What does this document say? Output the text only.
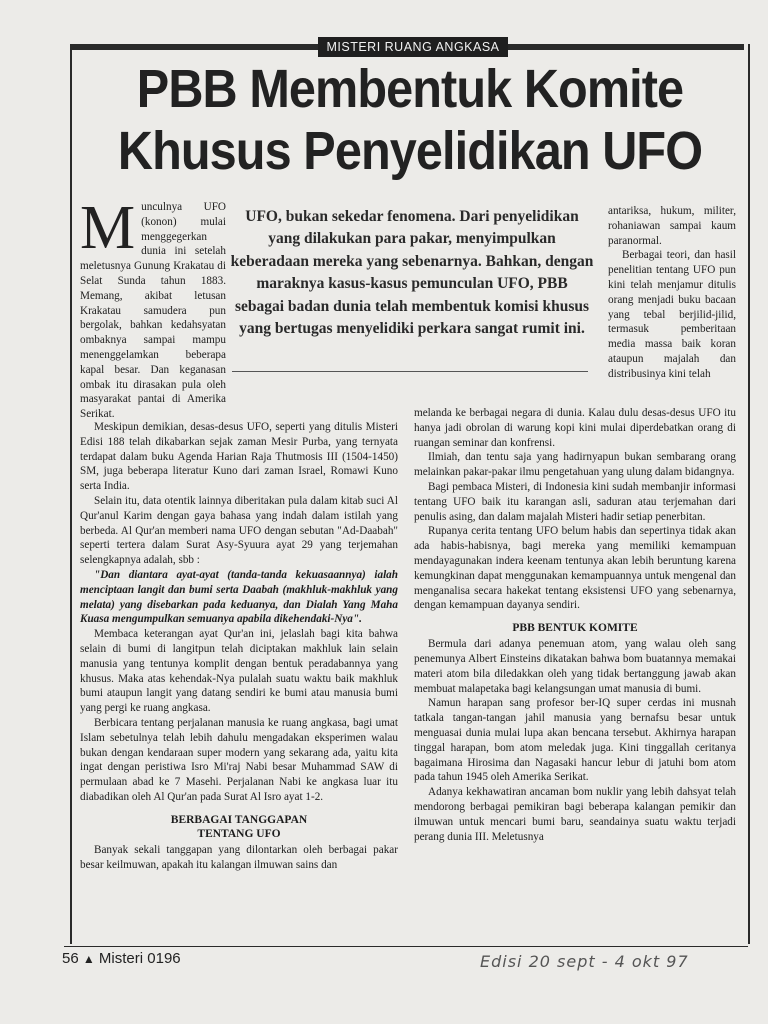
MISTERI RUANG ANGKASA
PBB Membentuk Komite
Khusus Penyelidikan UFO
M unculnya UFO (konon) mulai menggegerkan dunia ini setelah meletusnya Gunung Krakatau di Selat Sunda tahun 1883. Memang, akibat letusan Krakatau samudera pun bergolak, bahkan kedahsyatan ombaknya sampai mampu menenggelamkan beberapa kapal besar. Dan keganasan ombak itu dirasakan pula oleh masyarakat pantai di Amerika Serikat.
UFO, bukan sekedar fenomena. Dari penyelidikan yang dilakukan para pakar, menyimpulkan keberadaan mereka yang sebenarnya. Bahkan, dengan maraknya kasus-kasus pemunculan UFO, PBB sebagai badan dunia telah membentuk komisi khusus yang bertugas menyelidiki perkara sangat rumit ini.

antariksa, hukum, militer, rohaniawan sampai kaum paranormal.

Berbagai teori, dan hasil penelitian tentang UFO pun kini telah menjamur ditulis orang menjadi buku bacaan yang tebal berjilid-jilid, termasuk pemberitaan media massa baik koran ataupun majalah dan distribusinya kini telah

Meskipun demikian, desas-desus UFO, seperti yang ditulis Misteri Edisi 188 telah dikabarkan sejak zaman Mesir Purba, yang ternyata terdapat dalam buku Agenda Harian Raja Thutmosis III (1504-1450) SM, juga beberapa literatur Kuno dari zaman Israel, Romawi Kuno serta India.

Selain itu, data otentik lainnya diberitakan pula dalam kitab suci Al Qur'anul Karim dengan gaya bahasa yang indah dalam istilah yang berbeda. Al Qur'an memberi nama UFO dengan sebutan "Ad-Daabah" seperti tertera dalam Surat Asy-Syuura ayat 29 yang terjemahan selengkapnya adalah, sbb :

"Dan diantara ayat-ayat (tanda-tanda kekuasaannya) ialah menciptaan langit dan bumi serta Daabah (makhluk-makhluk yang melata) yang disebarkan pada keduanya, dan Dialah Yang Maha Kuasa mengumpulkan semuanya apabila dikehendaki-Nya".

Membaca keterangan ayat Qur'an ini, jelaslah bagi kita bahwa selain di bumi di langitpun telah diciptakan makhluk lain selain manusia yang tentunya komplit dengan bentuk peradabannya yang khusus. Maka atas kehendak-Nya pulalah suatu waktu baik makhluk bumi ataupun langit yang datang sendiri ke bumi atau manusia bumi yang pergi ke ruang angkasa.

Berbicara tentang perjalanan manusia ke ruang angkasa, bagi umat Islam sebetulnya telah lebih dahulu mengadakan eksperimen walau bukan dengan kendaraan super modern yang sekarang ada, yaitu kita ingat dengan peristiwa Isro Mi'raj Nabi besar Muhammad SAW di permulaan abad ke 7 Masehi. Perjalanan Nabi ke angkasa luar itu diabadikan oleh Al Qur'an pada Surat Al Isro ayat 1-2.

BERBAGAI TANGGAPAN
TENTANG UFO

Banyak sekali tanggapan yang dilontarkan oleh berbagai pakar besar keilmuwan, apakah itu kalangan ilmuwan sains dan

melanda ke berbagai negara di dunia. Kalau dulu desas-desus UFO itu hanya jadi obrolan di warung kopi kini mulai diperdebatkan orang di ruangan seminar dan konfrensi.

Ilmiah, dan tentu saja yang hadirnyapun bukan sembarang orang melainkan pakar-pakar ilmu pengetahuan yang ulung dalam bidangnya.

Bagi pembaca Misteri, di Indonesia kini sudah membanjir informasi tentang UFO baik itu karangan asli, saduran atau terjemahan dari penulis asing, dan dalam majalah Misteri hadir setiap penerbitan.

Rupanya cerita tentang UFO belum habis dan sepertinya tidak akan ada habis-habisnya, bagi mereka yang memiliki kemampuan mendayagunakan indera keenam tentunya akan lebih beruntung karena kemungkinan dapat menggunakan kemampuannya untuk mengenal dan menganalisa secara hakekat tentang eksistensi UFO yang sebenarnya, dengan kemampuan dayanya sendiri.

PBB BENTUK KOMITE

Bermula dari adanya penemuan atom, yang walau oleh sang penemunya Albert Einsteins dikatakan bahwa bom buatannya memakai materi atom bila diledakkan oleh yang tidak bertanggung jawab akan membuat malapetaka bagi kelangsungan umat manusia di bumi.

Namun harapan sang profesor ber-IQ super cerdas ini musnah tatkala tangan-tangan jahil manusia yang bernafsu besar untuk menguasai dunia mulai lupa akan bencana tersebut. Akhirnya harapan tinggal harapan, bom atom meledak juga. Kini tinggallah ceritanya bagaimana Hirosima dan Nagasaki hancur lebur di jatuhi bom atom pada tahun 1945 oleh Amerika Serikat.

Adanya kekhawatiran ancaman bom nuklir yang lebih dahsyat telah mendorong berbagai pemikiran bagi beberapa kalangan pemikir dan ilmuwan untuk mencari bumi baru, seandainya suatu waktu terjadi perang dunia III. Meletusnya

56 ▲ Misteri 0196	Edisi 20 sept - 4 okt 97
